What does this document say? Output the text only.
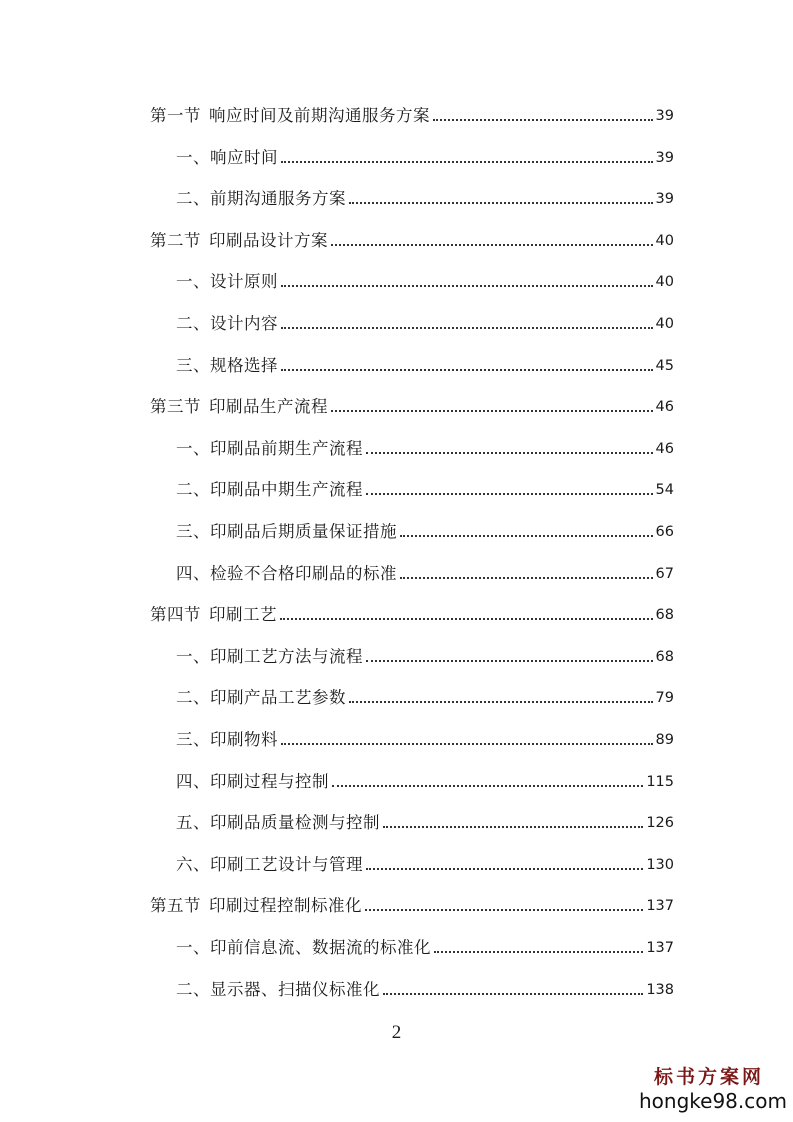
第一节 响应时间及前期沟通服务方案	39
一、响应时间	39
二、前期沟通服务方案	39
第二节 印刷品设计方案	40
一、设计原则	40
二、设计内容	40
三、规格选择	45
第三节 印刷品生产流程	46
一、印刷品前期生产流程	46
二、印刷品中期生产流程	54
三、印刷品后期质量保证措施	66
四、检验不合格印刷品的标准	67
第四节 印刷工艺	68
一、印刷工艺方法与流程	68
二、印刷产品工艺参数	79
三、印刷物料	89
四、印刷过程与控制	115
五、印刷品质量检测与控制	126
六、印刷工艺设计与管理	130
第五节 印刷过程控制标准化	137
一、印前信息流、数据流的标准化	137
二、显示器、扫描仪标准化	138
2
标书方案网
hongke98.com
